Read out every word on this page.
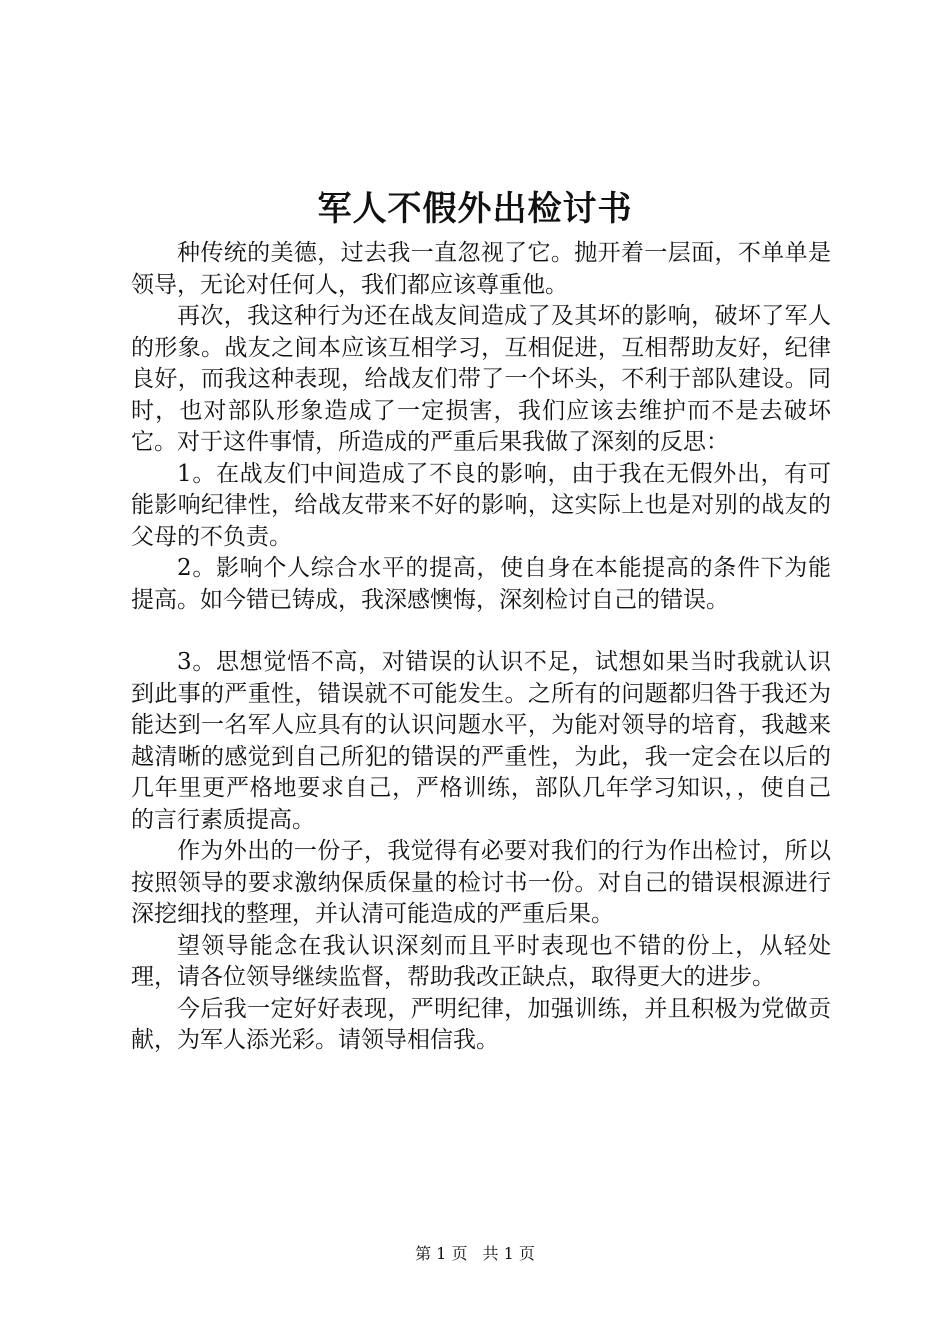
军人不假外出检讨书

种传统的美德，过去我一直忽视了它。抛开着一层面，不单单是领导，无论对任何人，我们都应该尊重他。

再次，我这种行为还在战友间造成了及其坏的影响，破坏了军人的形象。战友之间本应该互相学习，互相促进，互相帮助友好，纪律良好，而我这种表现，给战友们带了一个坏头，不利于部队建设。同时，也对部队形象造成了一定损害，我们应该去维护而不是去破坏它。对于这件事情，所造成的严重后果我做了深刻的反思：

1。在战友们中间造成了不良的影响，由于我在无假外出，有可能影响纪律性，给战友带来不好的影响，这实际上也是对别的战友的父母的不负责。

2。影响个人综合水平的提高，使自身在本能提高的条件下为能提高。如今错已铸成，我深感懊悔，深刻检讨自己的错误。

3。思想觉悟不高，对错误的认识不足，试想如果当时我就认识到此事的严重性，错误就不可能发生。之所有的问题都归咎于我还为能达到一名军人应具有的认识问题水平，为能对领导的培育，我越来越清晰的感觉到自己所犯的错误的严重性，为此，我一定会在以后的几年里更严格地要求自己，严格训练，部队几年学习知识，，使自己的言行素质提高。

作为外出的一份子，我觉得有必要对我们的行为作出检讨，所以按照领导的要求激纳保质保量的检讨书一份。对自己的错误根源进行深挖细找的整理，并认清可能造成的严重后果。

望领导能念在我认识深刻而且平时表现也不错的份上，从轻处理，请各位领导继续监督，帮助我改正缺点，取得更大的进步。

今后我一定好好表现，严明纪律，加强训练，并且积极为党做贡献，为军人添光彩。请领导相信我。

第 1 页 共 1 页
